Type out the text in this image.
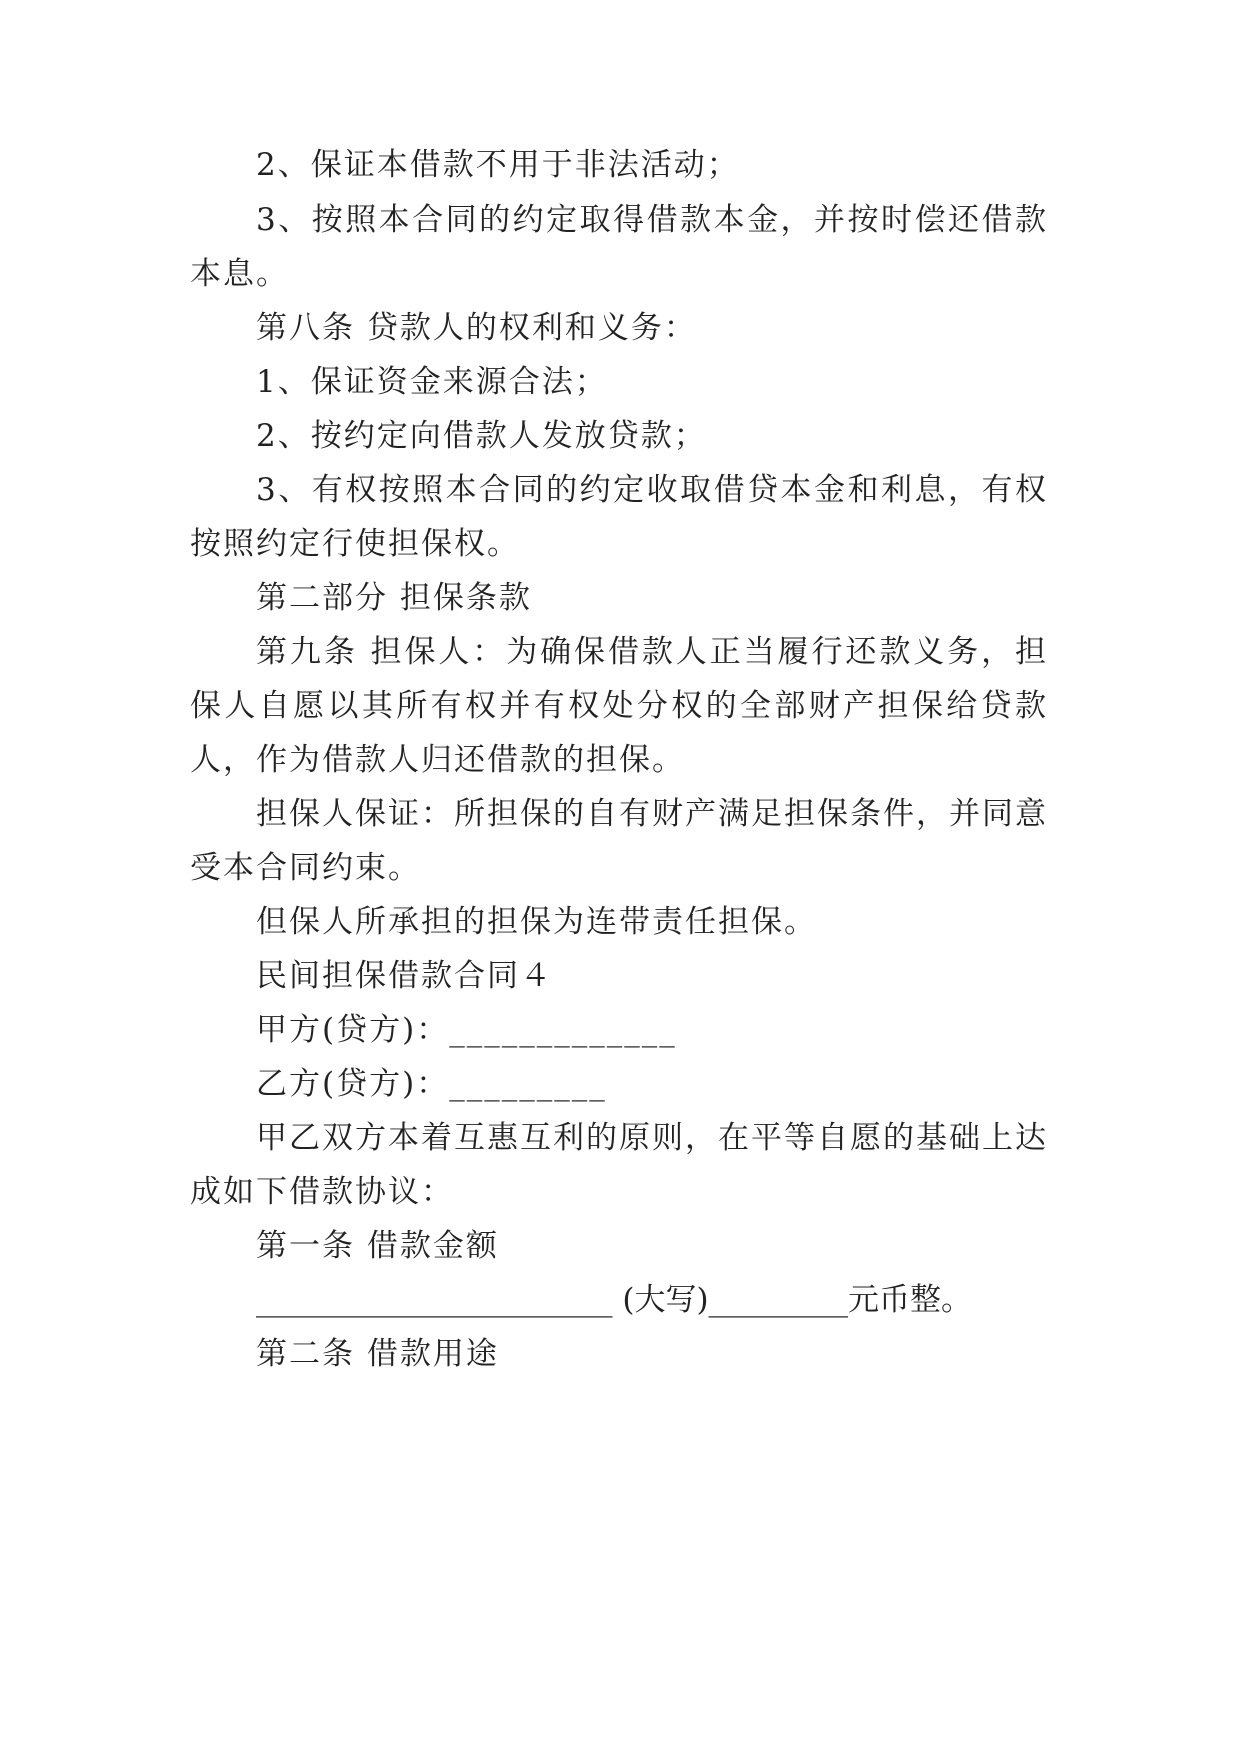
2、保证本借款不用于非法活动；
3、按照本合同的约定取得借款本金，并按时偿还借款
本息。
第八条 贷款人的权利和义务：
1、保证资金来源合法；
2、按约定向借款人发放贷款；
3、有权按照本合同的约定收取借贷本金和利息，有权
按照约定行使担保权。
第二部分 担保条款
第九条 担保人：为确保借款人正当履行还款义务，担
保人自愿以其所有权并有权处分权的全部财产担保给贷款
人，作为借款人归还借款的担保。
担保人保证：所担保的自有财产满足担保条件，并同意
受本合同约束。
但保人所承担的担保为连带责任担保。
民间担保借款合同４
甲方(贷方)：_____________
乙方(贷方)：_________
甲乙双方本着互惠互利的原则，在平等自愿的基础上达
成如下借款协议：
第一条 借款金额
_______________________ (大写)_________元币整。
第二条 借款用途
